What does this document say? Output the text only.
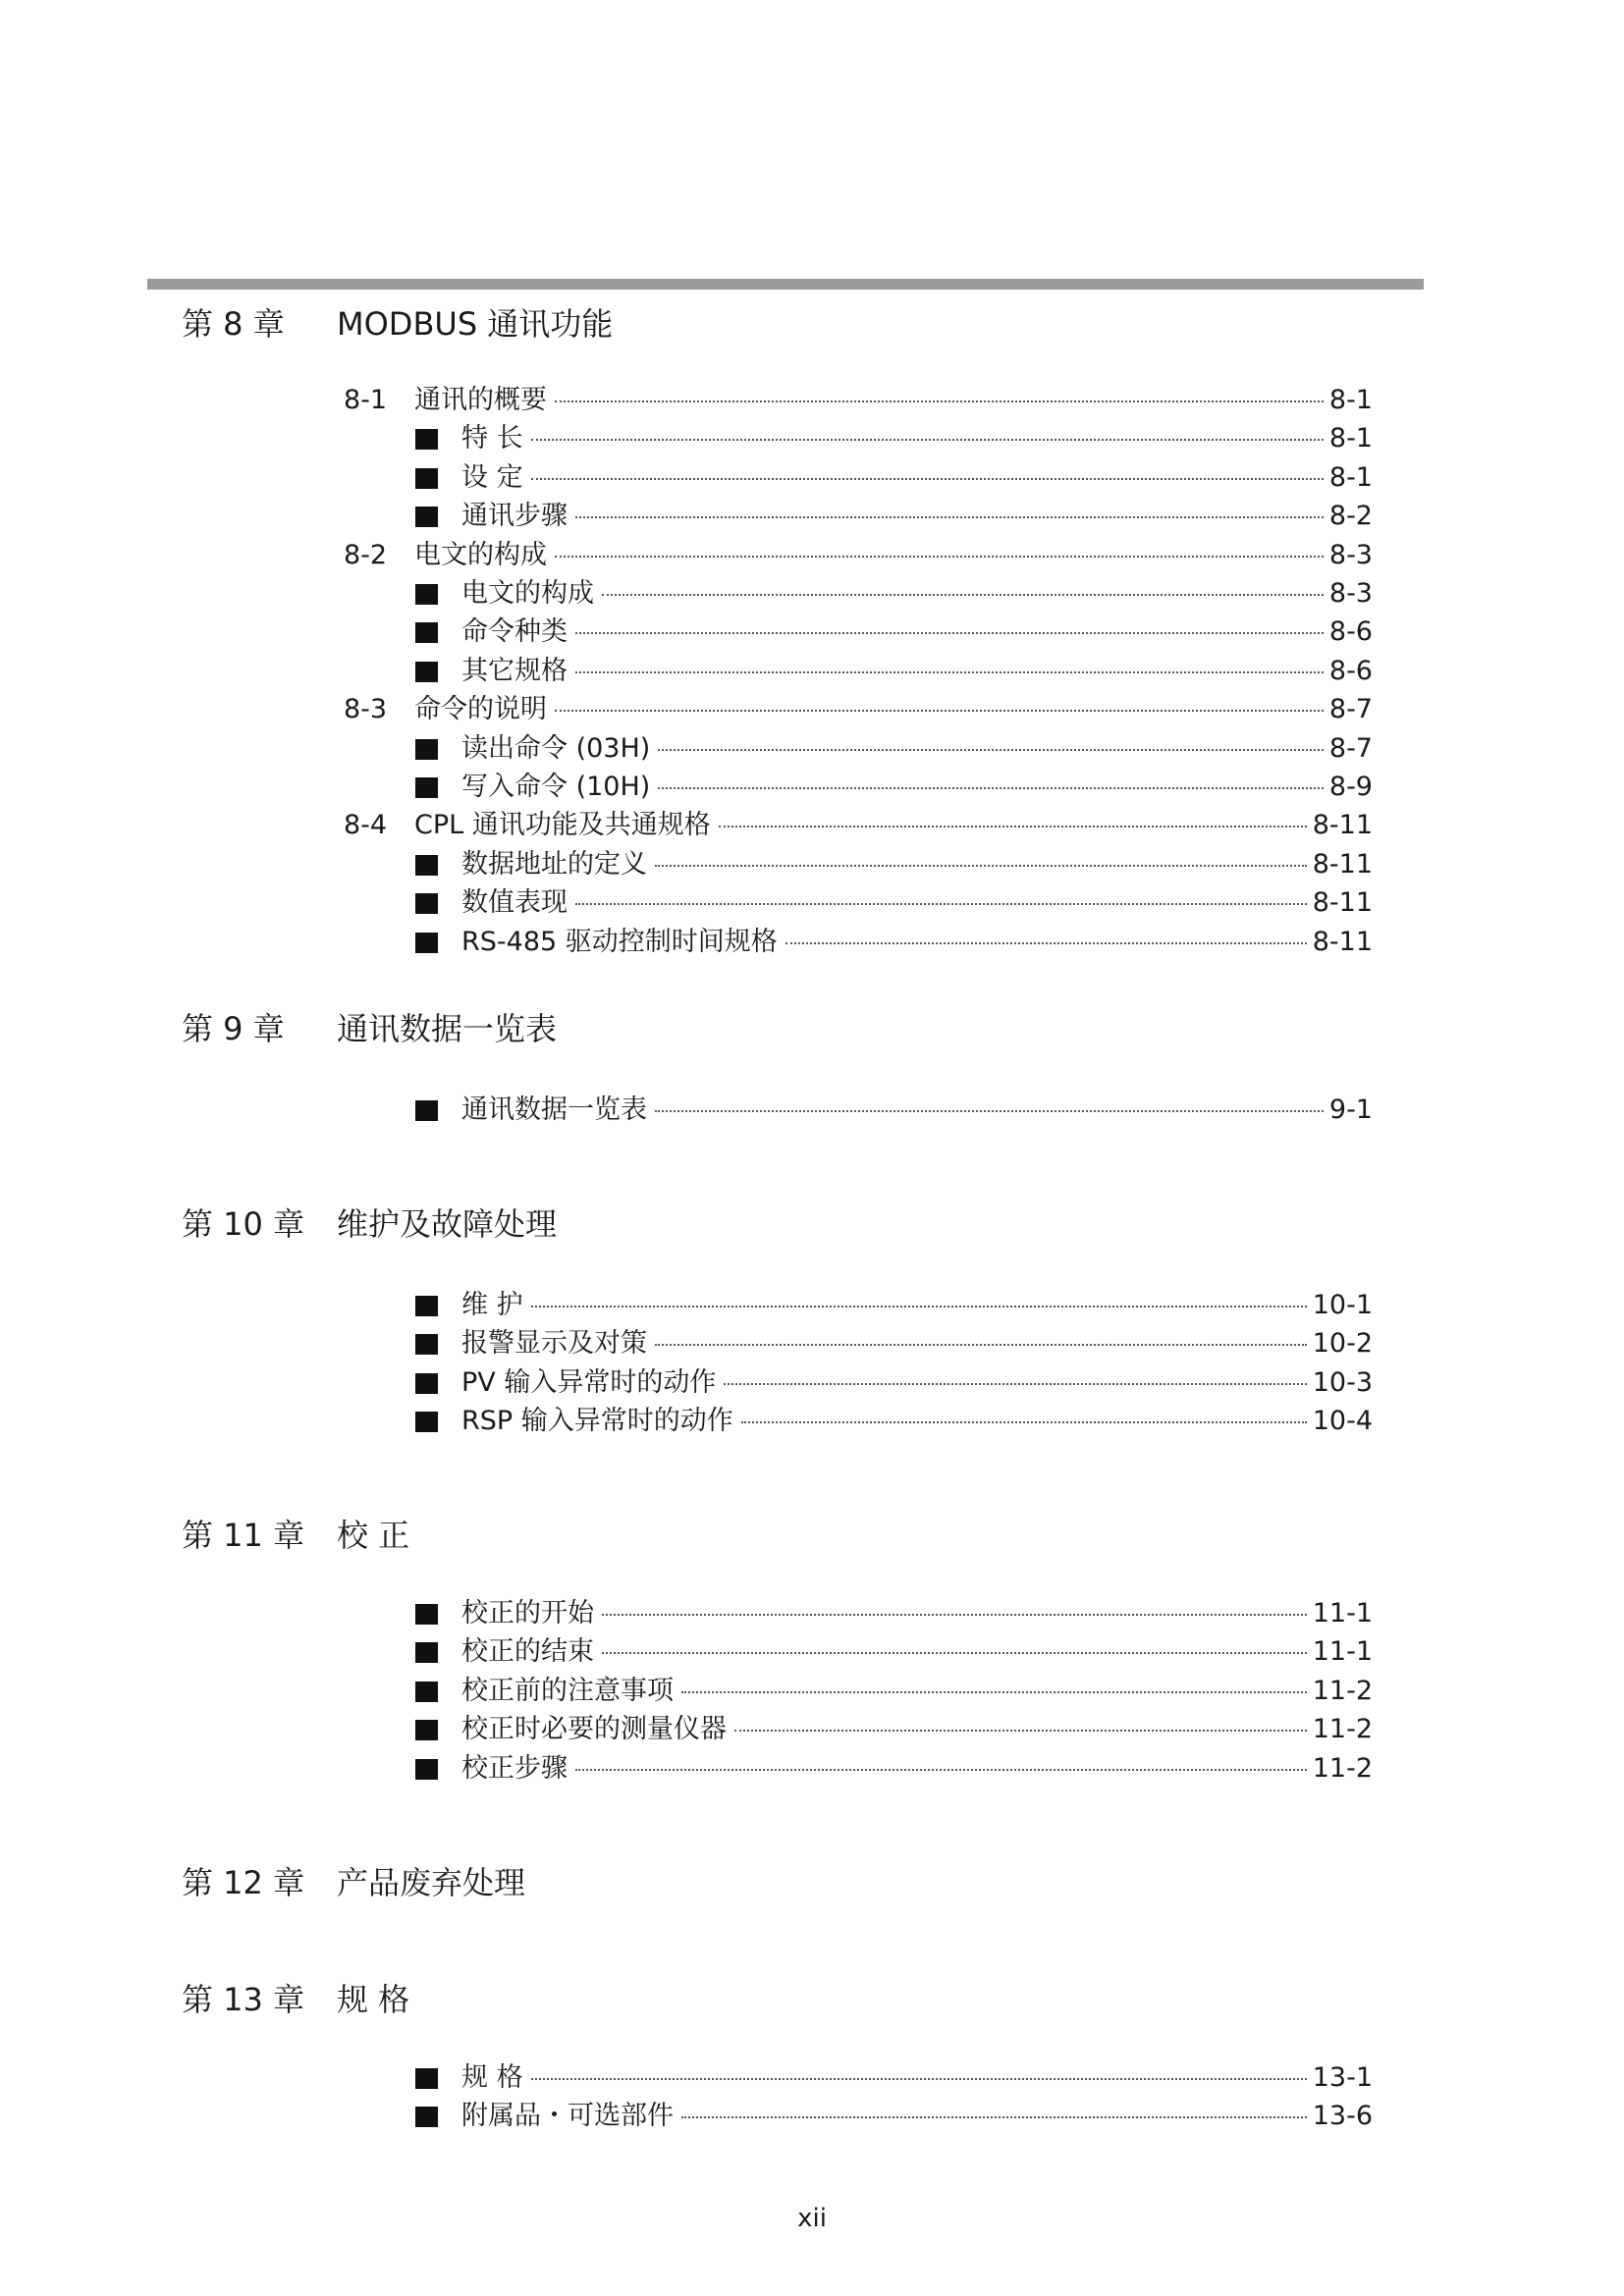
第 8 章 MODBUS 通讯功能
8-1 通讯的概要	8-1
特 长	8-1
设 定	8-1
通讯步骤	8-2
8-2 电文的构成	8-3
电文的构成	8-3
命令种类	8-6
其它规格	8-6
8-3 命令的说明	8-7
读出命令 (03H)	8-7
写入命令 (10H)	8-9
8-4 CPL 通讯功能及共通规格	8-11
数据地址的定义	8-11
数值表现	8-11
RS-485 驱动控制时间规格	8-11
第 9 章 通讯数据一览表
通讯数据一览表	9-1
第 10 章 维护及故障处理
维 护	10-1
报警显示及对策	10-2
PV 输入异常时的动作	10-3
RSP 输入异常时的动作	10-4
第 11 章 校 正
校正的开始	11-1
校正的结束	11-1
校正前的注意事项	11-2
校正时必要的测量仪器	11-2
校正步骤	11-2
第 12 章 产品废弃处理
第 13 章 规 格
规 格	13-1
附属品・可选部件	13-6
xii
